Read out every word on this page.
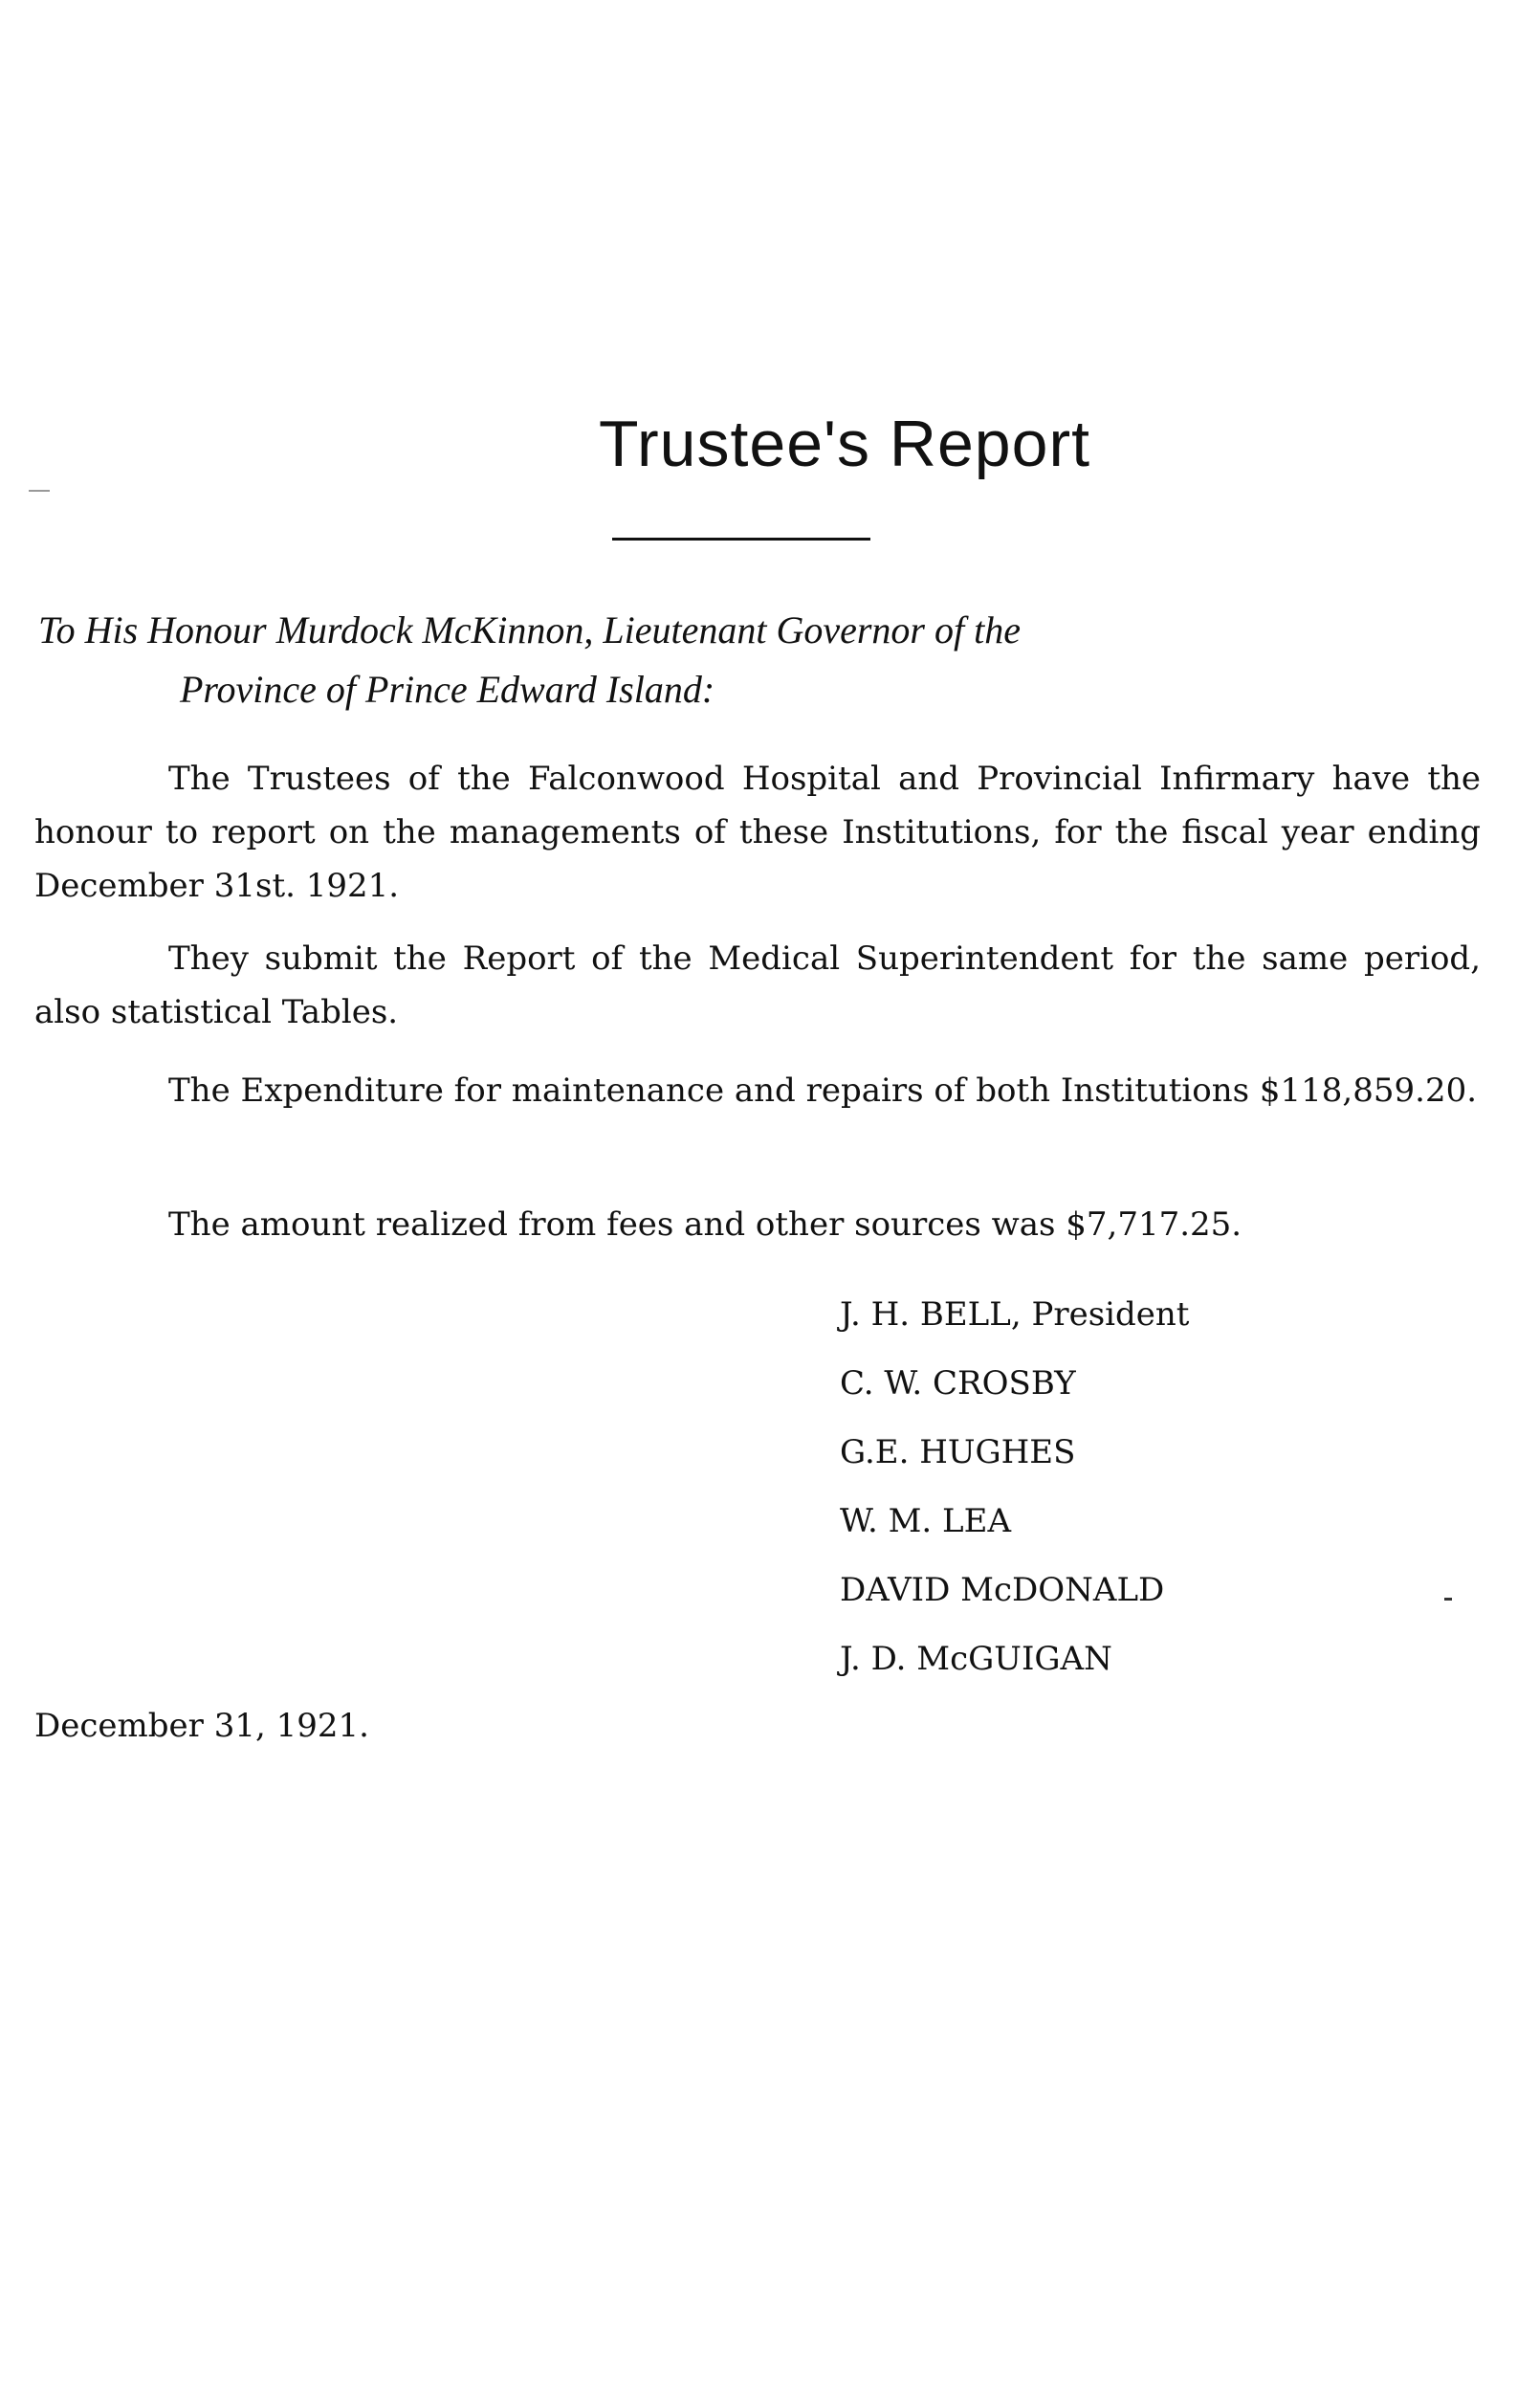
Trustee's Report

To His Honour Murdock McKinnon, Lieutenant Governor of the
Province of Prince Edward Island:

The Trustees of the Falconwood Hospital and Provincial Infirmary have the honour to report on the managements of these Institutions, for the fiscal year ending December 31st. 1921.

They submit the Report of the Medical Superintendent for the same period, also statistical Tables.

The Expenditure for maintenance and repairs of both Institutions $118,859.20.

The amount realized from fees and other sources was $7,717.25.

J. H. BELL, President
C. W. CROSBY
G.E. HUGHES
W. M. LEA
DAVID McDONALD
J. D. McGUIGAN

December 31, 1921.
